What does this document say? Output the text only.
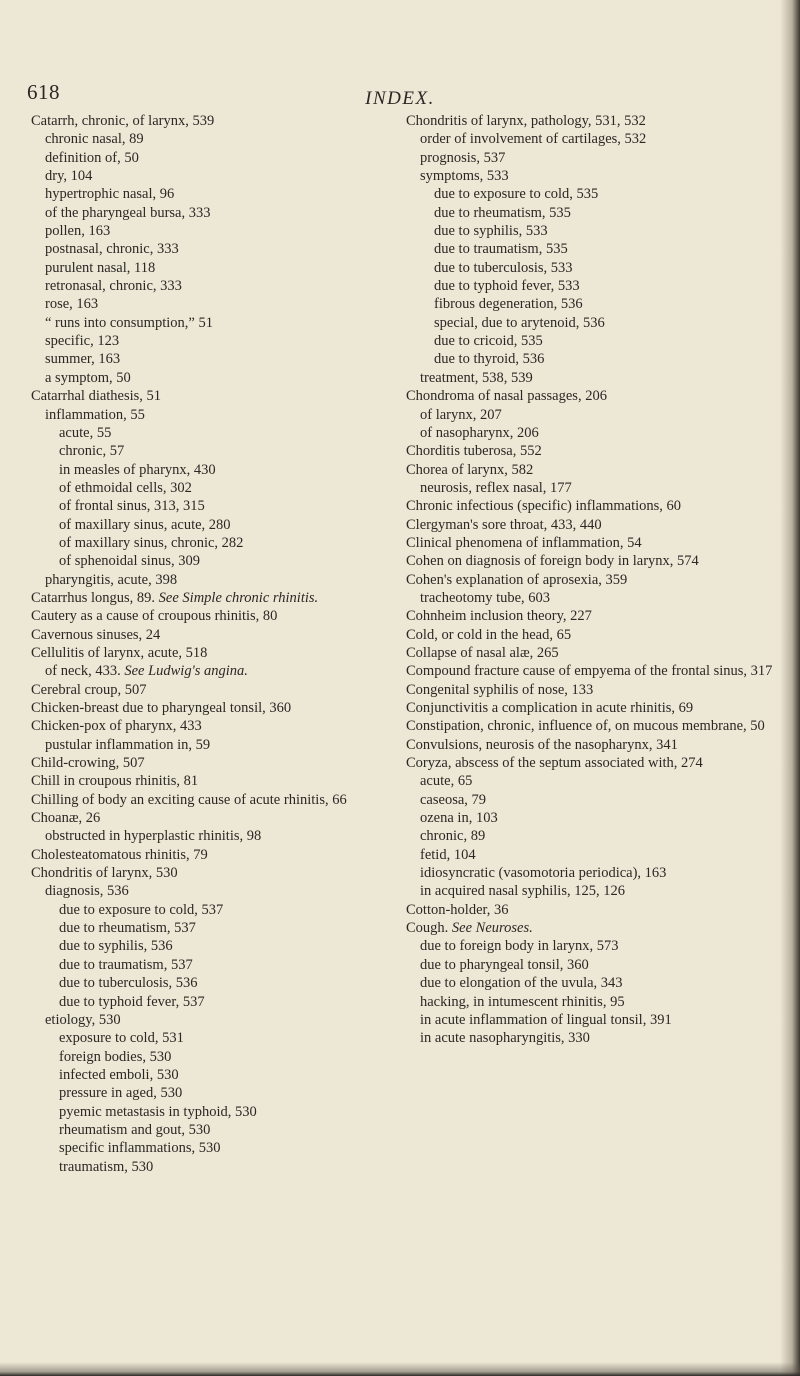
618	INDEX.
Catarrh, chronic, of larynx, 539
chronic nasal, 89
definition of, 50
dry, 104
hypertrophic nasal, 96
of the pharyngeal bursa, 333
pollen, 163
postnasal, chronic, 333
purulent nasal, 118
retronasal, chronic, 333
rose, 163
“ runs into consumption,” 51
specific, 123
summer, 163
a symptom, 50
Catarrhal diathesis, 51
inflammation, 55
acute, 55
chronic, 57
in measles of pharynx, 430
of ethmoidal cells, 302
of frontal sinus, 313, 315
of maxillary sinus, acute, 280
of maxillary sinus, chronic, 282
of sphenoidal sinus, 309
pharyngitis, acute, 398
Catarrhus longus, 89. See Simple chronic rhinitis.
Cautery as a cause of croupous rhinitis, 80
Cavernous sinuses, 24
Cellulitis of larynx, acute, 518
of neck, 433. See Ludwig's angina.
Cerebral croup, 507
Chicken-breast due to pharyngeal tonsil, 360
Chicken-pox of pharynx, 433
pustular inflammation in, 59
Child-crowing, 507
Chill in croupous rhinitis, 81
Chilling of body an exciting cause of acute rhinitis, 66
Choanæ, 26
obstructed in hyperplastic rhinitis, 98
Cholesteatomatous rhinitis, 79
Chondritis of larynx, 530
diagnosis, 536
due to exposure to cold, 537
due to rheumatism, 537
due to syphilis, 536
due to traumatism, 537
due to tuberculosis, 536
due to typhoid fever, 537
etiology, 530
exposure to cold, 531
foreign bodies, 530
infected emboli, 530
pressure in aged, 530
pyemic metastasis in typhoid, 530
rheumatism and gout, 530
specific inflammations, 530
traumatism, 530
Chondritis of larynx, pathology, 531, 532
order of involvement of cartilages, 532
prognosis, 537
symptoms, 533
due to exposure to cold, 535
due to rheumatism, 535
due to syphilis, 533
due to traumatism, 535
due to tuberculosis, 533
due to typhoid fever, 533
fibrous degeneration, 536
special, due to arytenoid, 536
due to cricoid, 535
due to thyroid, 536
treatment, 538, 539
Chondroma of nasal passages, 206
of larynx, 207
of nasopharynx, 206
Chorditis tuberosa, 552
Chorea of larynx, 582
neurosis, reflex nasal, 177
Chronic infectious (specific) inflammations, 60
Clergyman's sore throat, 433, 440
Clinical phenomena of inflammation, 54
Cohen on diagnosis of foreign body in larynx, 574
Cohen's explanation of aprosexia, 359
tracheotomy tube, 603
Cohnheim inclusion theory, 227
Cold, or cold in the head, 65
Collapse of nasal alæ, 265
Compound fracture cause of empyema of the frontal sinus, 317
Congenital syphilis of nose, 133
Conjunctivitis a complication in acute rhinitis, 69
Constipation, chronic, influence of, on mucous membrane, 50
Convulsions, neurosis of the nasopharynx, 341
Coryza, abscess of the septum associated with, 274
acute, 65
caseosa, 79
ozena in, 103
chronic, 89
fetid, 104
idiosyncratic (vasomotoria periodica), 163
in acquired nasal syphilis, 125, 126
Cotton-holder, 36
Cough. See Neuroses.
due to foreign body in larynx, 573
due to pharyngeal tonsil, 360
due to elongation of the uvula, 343
hacking, in intumescent rhinitis, 95
in acute inflammation of lingual tonsil, 391
in acute nasopharyngitis, 330
